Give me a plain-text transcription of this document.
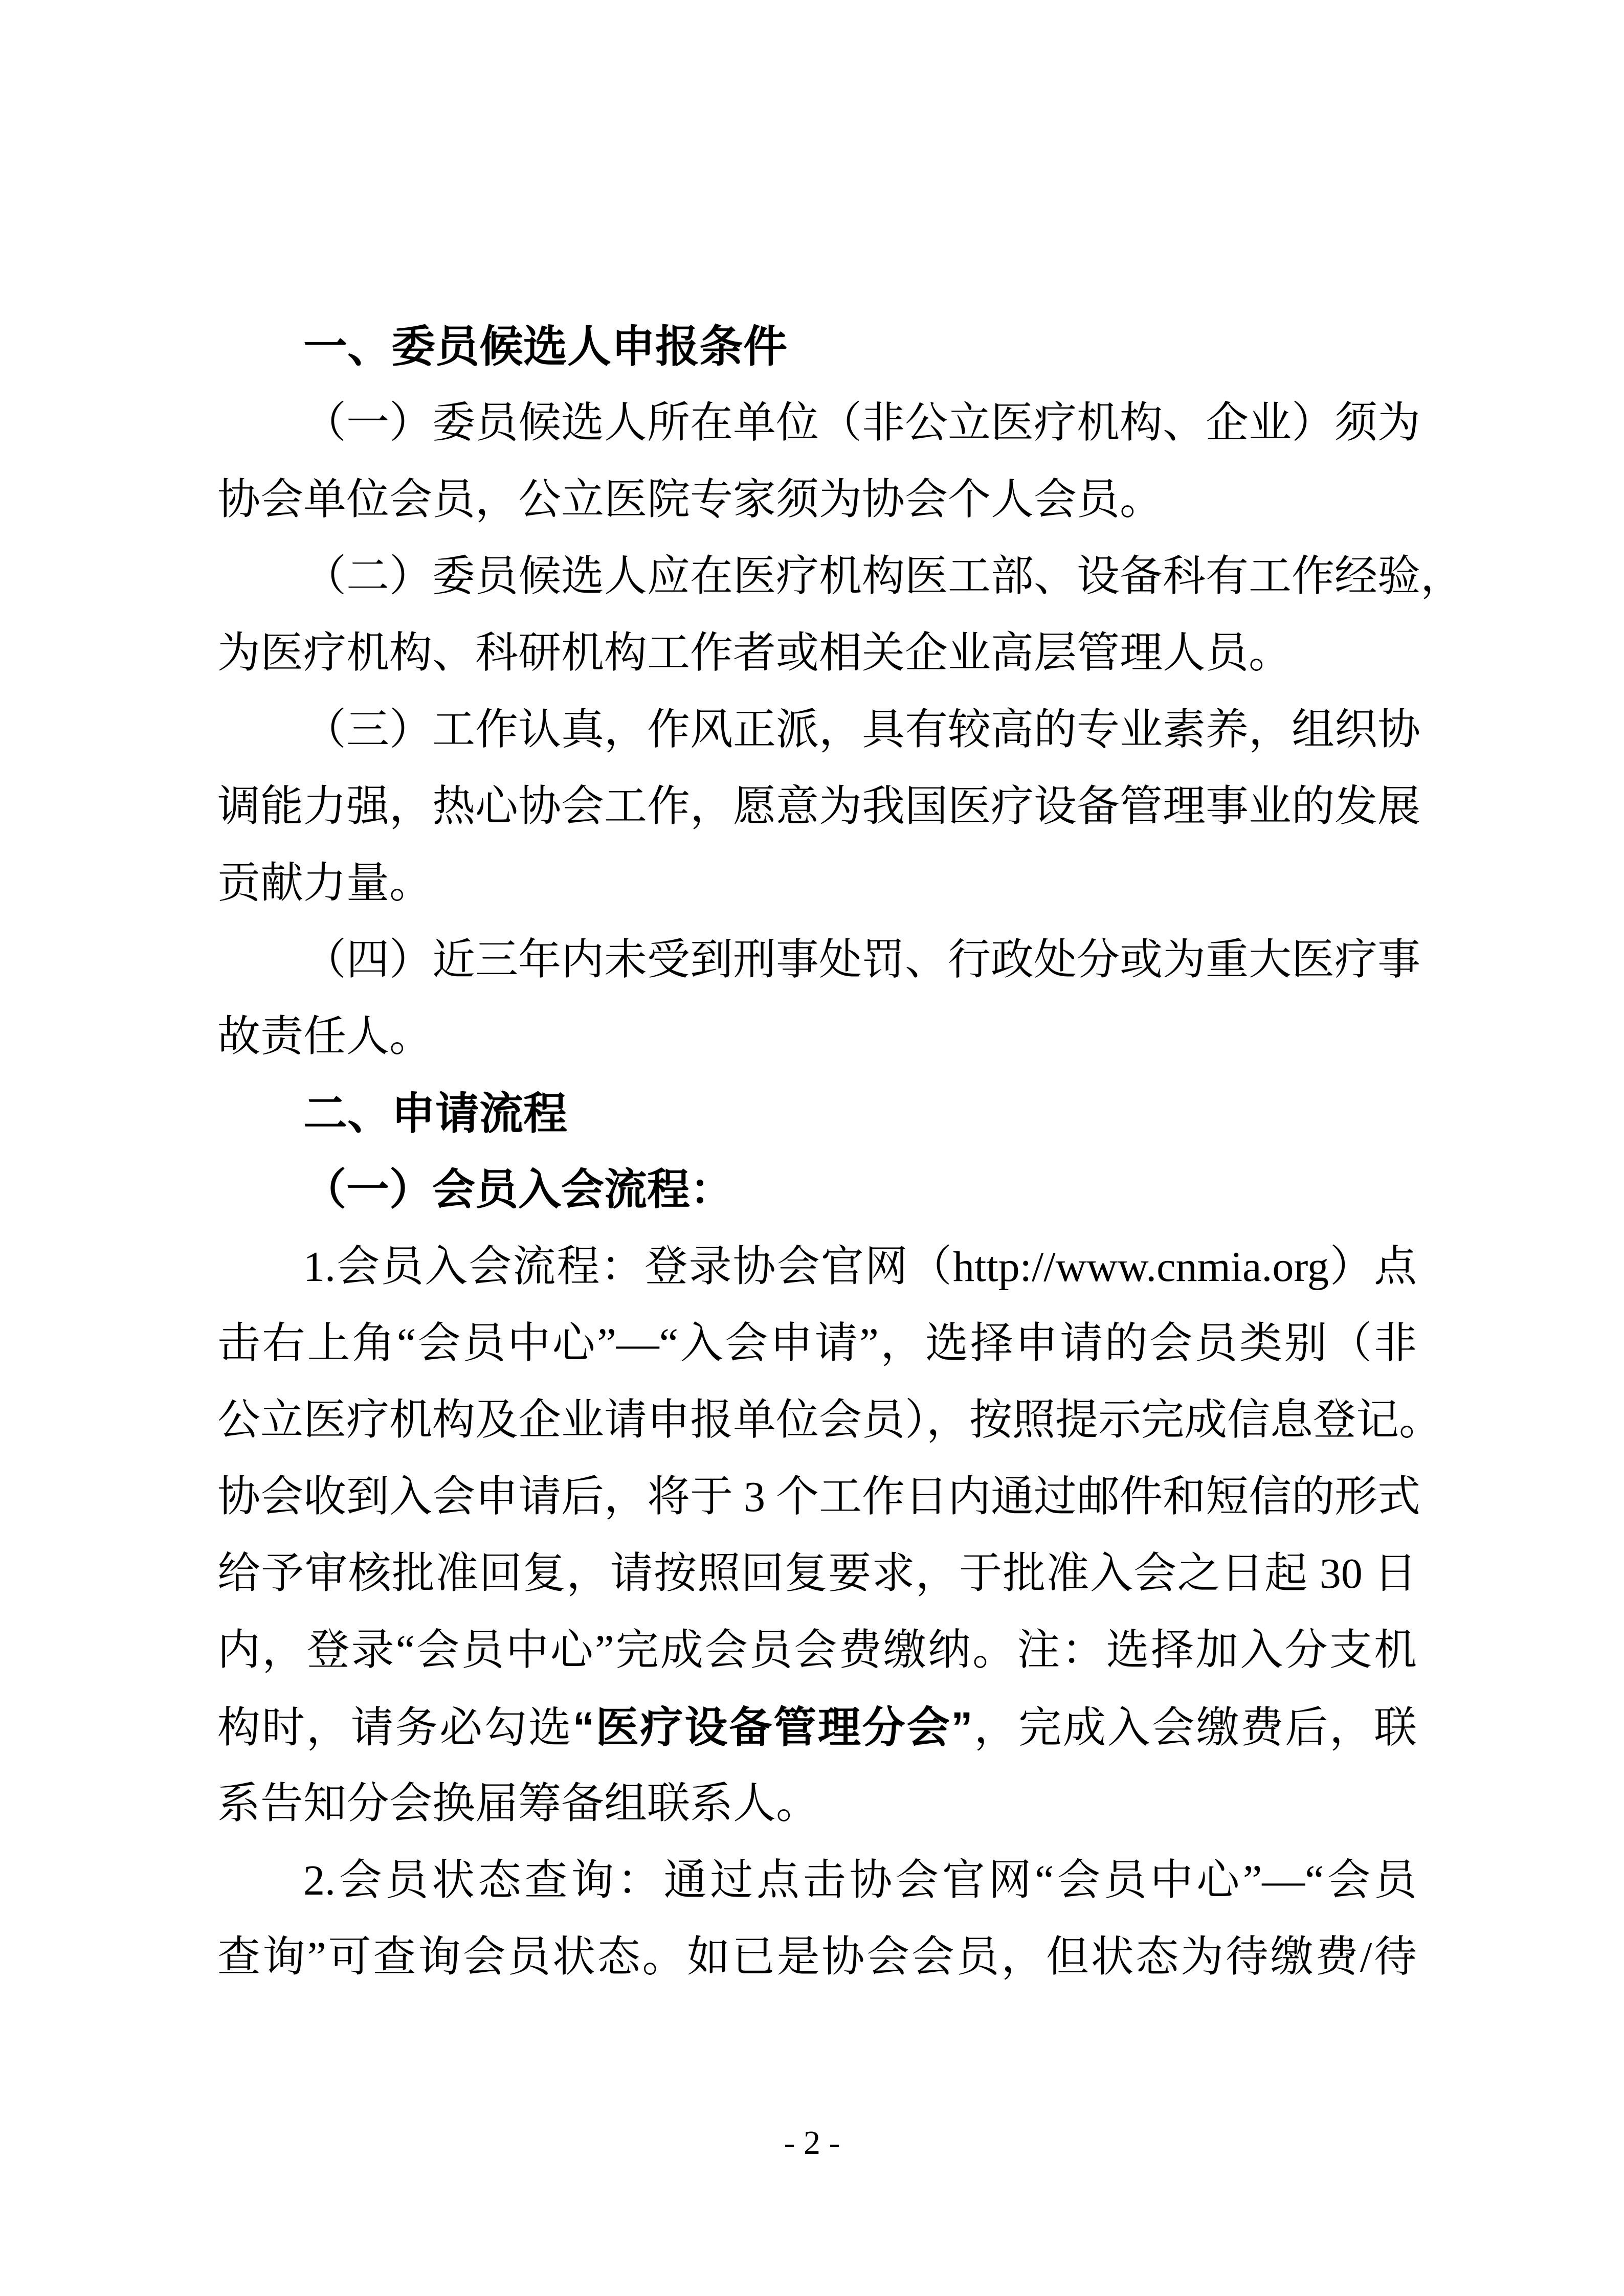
一、委员候选人申报条件
（一）委员候选人所在单位（非公立医疗机构、企业）须为
协会单位会员，公立医院专家须为协会个人会员。
（二）委员候选人应在医疗机构医工部、设备科有工作经验，
为医疗机构、科研机构工作者或相关企业高层管理人员。
（三）工作认真，作风正派，具有较高的专业素养，组织协
调能力强，热心协会工作，愿意为我国医疗设备管理事业的发展
贡献力量。
（四）近三年内未受到刑事处罚、行政处分或为重大医疗事
故责任人。
二、申请流程
（一）会员入会流程：
1.会员入会流程：登录协会官网（http://www.cnmia.org）点
击右上角“会员中心”—“入会申请”，选择申请的会员类别（非
公立医疗机构及企业请申报单位会员），按照提示完成信息登记。
协会收到入会申请后，将于 3 个工作日内通过邮件和短信的形式
给予审核批准回复，请按照回复要求，于批准入会之日起 30 日
内，登录“会员中心”完成会员会费缴纳。注：选择加入分支机
构时，请务必勾选“医疗设备管理分会”，完成入会缴费后，联
系告知分会换届筹备组联系人。
2.会员状态查询：通过点击协会官网“会员中心”—“会员
查询”可查询会员状态。如已是协会会员，但状态为待缴费/待
- 2 -
